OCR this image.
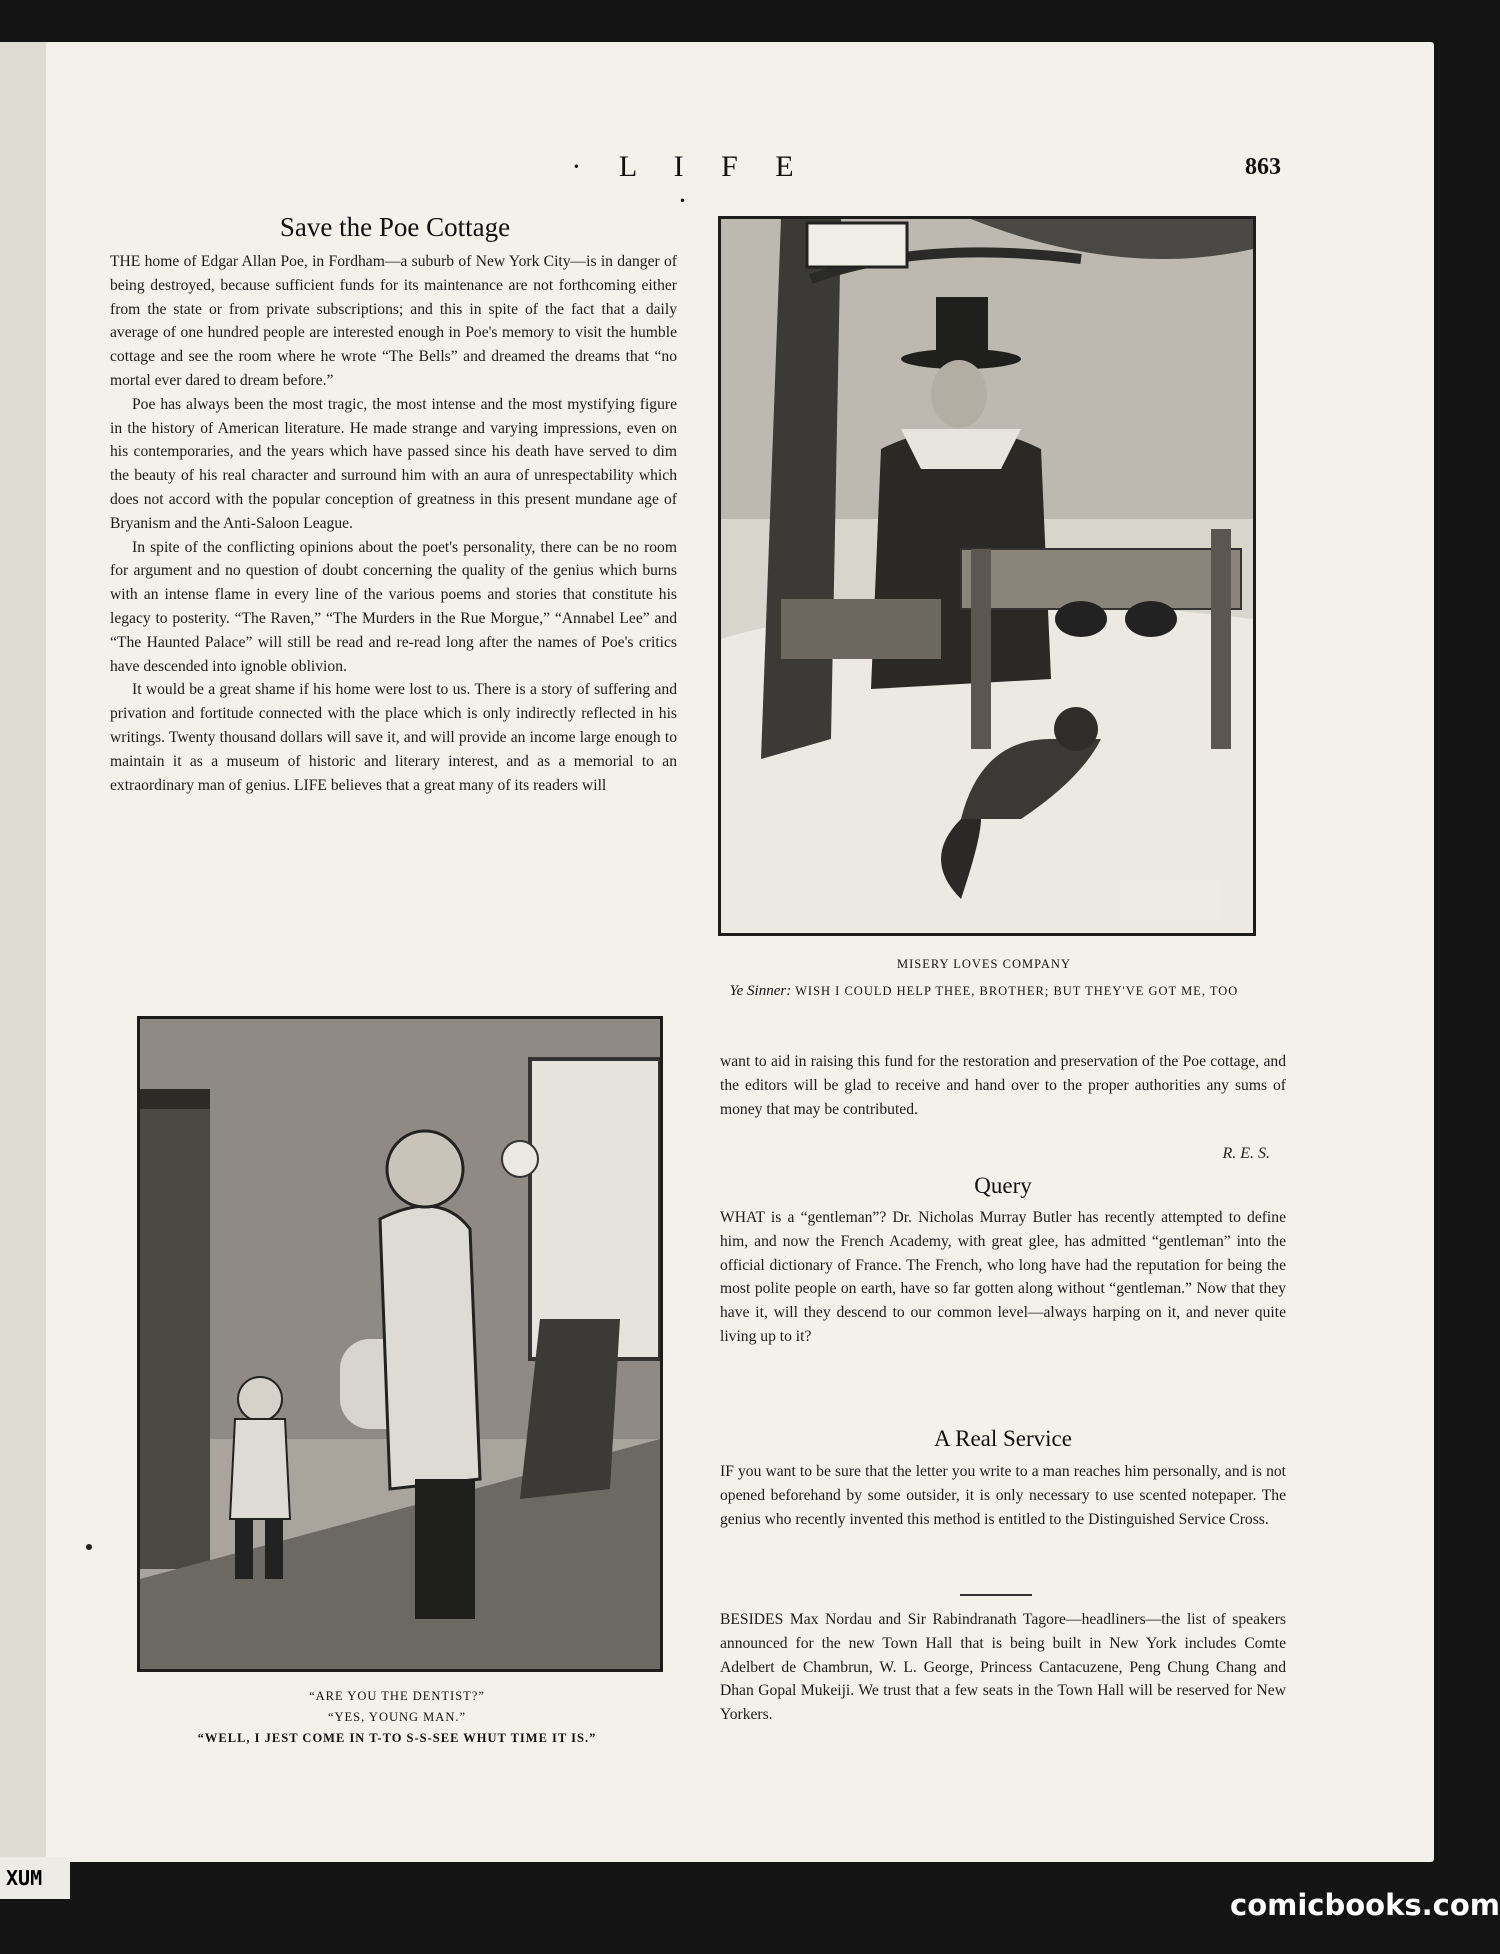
· L I F E ·
863
Save the Poe Cottage

THE home of Edgar Allan Poe, in Fordham—a suburb of New York City—is in danger of being destroyed, because sufficient funds for its maintenance are not forthcoming either from the state or from private subscriptions; and this in spite of the fact that a daily average of one hundred people are interested enough in Poe's memory to visit the humble cottage and see the room where he wrote “The Bells” and dreamed the dreams that “no mortal ever dared to dream before.”

Poe has always been the most tragic, the most intense and the most mystifying figure in the history of American literature. He made strange and varying impressions, even on his contemporaries, and the years which have passed since his death have served to dim the beauty of his real character and surround him with an aura of unrespectability which does not accord with the popular conception of greatness in this present mundane age of Bryanism and the Anti-Saloon League.

In spite of the conflicting opinions about the poet's personality, there can be no room for argument and no question of doubt concerning the quality of the genius which burns with an intense flame in every line of the various poems and stories that constitute his legacy to posterity. “The Raven,” “The Murders in the Rue Morgue,” “Annabel Lee” and “The Haunted Palace” will still be read and re-read long after the names of Poe's critics have descended into ignoble oblivion.

It would be a great shame if his home were lost to us. There is a story of suffering and privation and fortitude connected with the place which is only indirectly reflected in his writings. Twenty thousand dollars will save it, and will provide an income large enough to maintain it as a museum of historic and literary interest, and as a memorial to an extraordinary man of genius. LIFE believes that a great many of its readers will

MISERY LOVES COMPANY
Ye Sinner: WISH I COULD HELP THEE, BROTHER; BUT THEY'VE GOT ME, TOO
“ARE YOU THE DENTIST?”
“YES, YOUNG MAN.”
“WELL, I JEST COME IN T-TO S-S-SEE WHUT TIME IT IS.”
want to aid in raising this fund for the restoration and preservation of the Poe cottage, and the editors will be glad to receive and hand over to the proper authorities any sums of money that may be contributed.
R. E. S.
Query
WHAT is a “gentleman”? Dr. Nicholas Murray Butler has recently attempted to define him, and now the French Academy, with great glee, has admitted “gentleman” into the official dictionary of France. The French, who long have had the reputation for being the most polite people on earth, have so far gotten along without “gentleman.” Now that they have it, will they descend to our common level—always harping on it, and never quite living up to it?
A Real Service
IF you want to be sure that the letter you write to a man reaches him personally, and is not opened beforehand by some outsider, it is only necessary to use scented notepaper. The genius who recently invented this method is entitled to the Distinguished Service Cross.
BESIDES Max Nordau and Sir Rabindranath Tagore—headliners—the list of speakers announced for the new Town Hall that is being built in New York includes Comte Adelbert de Chambrun, W. L. George, Princess Cantacuzene, Peng Chung Chang and Dhan Gopal Mukeiji. We trust that a few seats in the Town Hall will be reserved for New Yorkers.
XUM
comicbooks.com
